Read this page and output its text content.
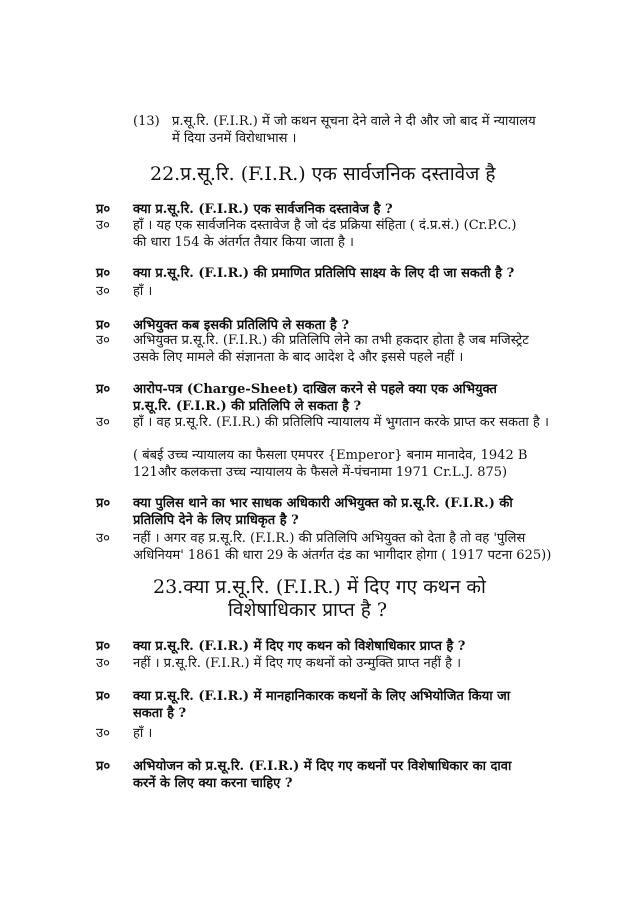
(13) प्र.सू.रि. (F.I.R.) में जो कथन सूचना देने वाले ने दी और जो बाद में न्यायालय
में दिया उनमें विरोधाभास ।
22.प्र.सू.रि. (F.I.R.) एक सार्वजनिक दस्तावेज है
प्र० क्या प्र.सू.रि. (F.I.R.) एक सार्वजनिक दस्तावेज है ?
उ० हाँ । यह एक सार्वजनिक दस्तावेज है जो दंड प्रक्रिया संहिता ( दं.प्र.सं.) (Cr.P.C.)
की धारा 154 के अंतर्गत तैयार किया जाता है ।
प्र० क्या प्र.सू.रि. (F.I.R.) की प्रमाणित प्रतिलिपि साक्ष्य के लिए दी जा सकती है ?
उ० हाँ ।
प्र० अभियुक्त कब इसकी प्रतिलिपि ले सकता है ?
उ० अभियुक्त प्र.सू.रि. (F.I.R.) की प्रतिलिपि लेने का तभी हकदार होता है जब मजिस्ट्रेट
उसके लिए मामले की संज्ञानता के बाद आदेश दे और इससे पहले नहीं ।
प्र० आरोप-पत्र (Charge-Sheet) दाखिल करने से पहले क्या एक अभियुक्त
प्र.सू.रि. (F.I.R.) की प्रतिलिपि ले सकता है ?
उ० हाँ । वह प्र.सू.रि. (F.I.R.) की प्रतिलिपि न्यायालय में भुगतान करके प्राप्त कर सकता है ।
( बंबई उच्च न्यायालय का फैसला एमपरर {Emperor} बनाम मानादेव, 1942 B
121और कलकत्ता उच्च न्यायालय के फैसले में-पंचनामा 1971 Cr.L.J. 875)
प्र० क्या पुलिस थाने का भार साधक अधिकारी अभियुक्त को प्र.सू.रि. (F.I.R.) की
प्रतिलिपि देने के लिए प्राधिकृत है ?
उ० नहीं । अगर वह प्र.सू.रि. (F.I.R.) की प्रतिलिपि अभियुक्त को देता है तो वह 'पुलिस
अधिनियम' 1861 की धारा 29 के अंतर्गत दंड का भागीदार होगा ( 1917 पटना 625))
23.क्या प्र.सू.रि. (F.I.R.) में दिए गए कथन को
विशेषाधिकार प्राप्त है ?
प्र० क्या प्र.सू.रि. (F.I.R.) में दिए गए कथन को विशेषाधिकार प्राप्त है ?
उ० नहीं । प्र.सू.रि. (F.I.R.) में दिए गए कथनों को उन्मुक्ति प्राप्त नहीं है ।
प्र० क्या प्र.सू.रि. (F.I.R.) में मानहानिकारक कथनों के लिए अभियोजित किया जा
सकता है ?
उ० हाँ ।
प्र० अभियोजन को प्र.सू.रि. (F.I.R.) में दिए गए कथनों पर विशेषाधिकार का दावा
करनें के लिए क्या करना चाहिए ?
